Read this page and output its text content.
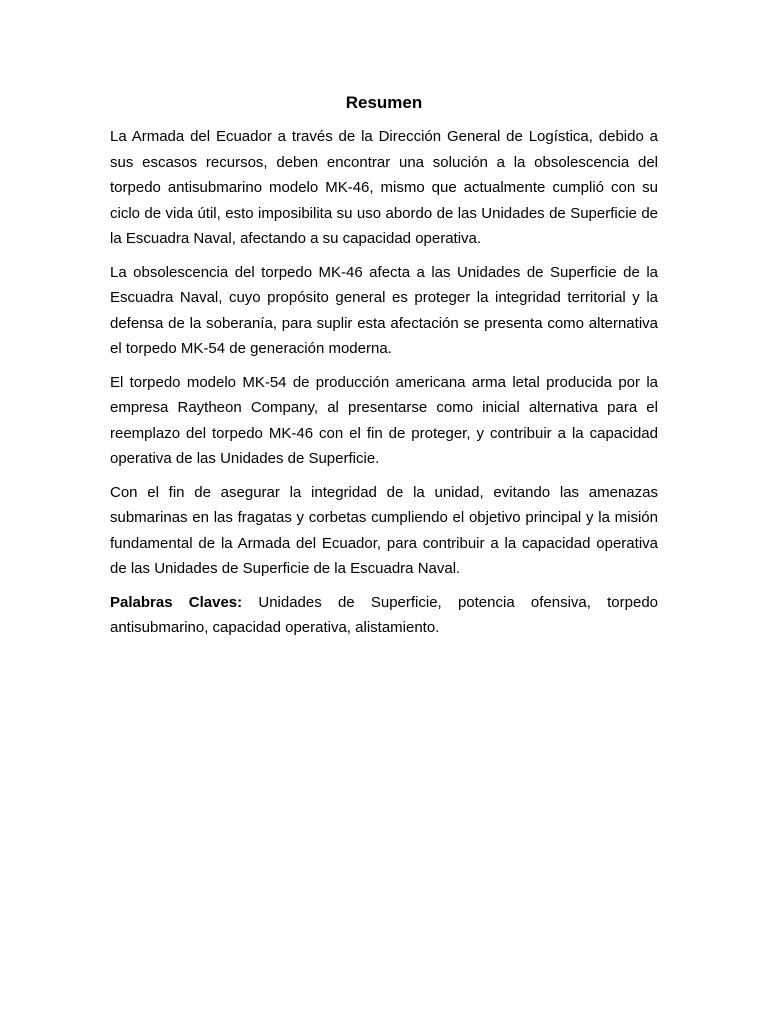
Resumen

La Armada del Ecuador a través de la Dirección General de Logística, debido a sus escasos recursos, deben encontrar una solución a la obsolescencia del torpedo antisubmarino modelo MK-46, mismo que actualmente cumplió con su ciclo de vida útil, esto imposibilita su uso abordo de las Unidades de Superficie de la Escuadra Naval, afectando a su capacidad operativa.

La obsolescencia del torpedo MK-46 afecta a las Unidades de Superficie de la Escuadra Naval, cuyo propósito general es proteger la integridad territorial y la defensa de la soberanía, para suplir esta afectación se presenta como alternativa el torpedo MK-54 de generación moderna.

El torpedo modelo MK-54 de producción americana arma letal producida por la empresa Raytheon Company, al presentarse como inicial alternativa para el reemplazo del torpedo MK-46 con el fin de proteger, y contribuir a la capacidad operativa de las Unidades de Superficie.

Con el fin de asegurar la integridad de la unidad, evitando las amenazas submarinas en las fragatas y corbetas cumpliendo el objetivo principal y la misión fundamental de la Armada del Ecuador, para contribuir a la capacidad operativa de las Unidades de Superficie de la Escuadra Naval.

Palabras Claves: Unidades de Superficie, potencia ofensiva, torpedo antisubmarino, capacidad operativa, alistamiento.
